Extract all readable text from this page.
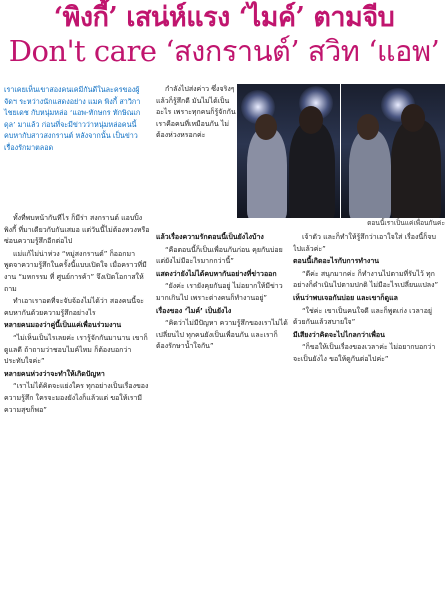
‘พิงกี้’ เสน่ห์แรง ‘ไมค์’ ตามจีบ
Don't care ‘สงกรานต์’ สวิท ‘แอพ’
เราเคยเห็นเขาสองคนเคมีกันดีในละครของผู้จัดฯ ระหว่างนักแสดงอย่าง แมค พิงกี้ สาวิกา ไชยเดช กับหนุ่มหล่อ ‘แอพ-ทักษกร ทักษิณเกดุล’ มาแล้ว ก่อนที่จะมีข่าวว่าหนุ่มหล่อคนนี้คบหากับสาวสงกรานต์ หลังจากนั้น เป็นข่าวเรื่องรักมาตลอด

ทั้งที่พบหน้ากันทีไร ก็มีร่า สงกรานต์ แอบปิ้ง พิงกี้ ที่มาเดียวกับกันเสมอ แต่วันนี้ไม่ต้องหวงหรือซ่อนความรู้สึกอีกต่อไป

แม่แก้ไม่น่าห่วง “หมู่สงกรานต์” ก็ออกมาพูดจาความรู้สึกในครั้งนี้แบบเปิดใจ เมื่อคราวที่มีงาน “มหกรรม ที่ ศูนย์การค้า” จึงเปิดโอกาสให้ถาม

ทำเอาเราอดที่จะจับจ้องไม่ได้ว่า สองคนนี้จะคบหากันด้วยความรู้สึกอย่างไร

หลายคนมองว่าคู่นี้เป็นแค่เพื่อนร่วมงาน

“ไม่เห็นเป็นไรเลยค่ะ เรารู้จักกันมานาน เขาก็ดูแลดี ถ้าถามว่าชอบไมค์ไหม ก็ต้องบอกว่าประทับใจค่ะ”

หลายคนห่วงว่าจะทำให้เกิดปัญหา

“เราไม่ได้คิดจะแย่งใคร ทุกอย่างเป็นเรื่องของความรู้สึก ใครจะมองยังไงก็แล้วแต่ ขอให้เรามีความสุขก็พอ”

กำลังไปส่งค่าว ซึ่งจริงๆ แล้วก็รู้สึกดี มันไม่ได้เป็นอะไร เพราะทุกคนก็รู้จักกัน เราคือคนที่เหมือนกัน ไม่ต้องห่วงหรอกค่ะ

ตอนนี้เราเป็นแค่เพื่อนกันค่ะ

แล้วเรื่องความรักตอนนี้เป็นยังไงบ้าง

“คือตอนนี้ก็เป็นเพื่อนกันก่อน คุยกันบ่อย แต่ยังไม่มีอะไรมากกว่านี้”

แสดงว่ายังไม่ได้คบหากันอย่างที่ข่าวออก

“ยังค่ะ เรายังคุยกันอยู่ ไม่อยากให้มีข่าวมากเกินไป เพราะต่างคนก็ทำงานอยู่”

เรื่องของ ‘ไมค์’ เป็นยังไง

“คิดว่าไม่มีปัญหา ความรู้สึกของเราไม่ได้เปลี่ยนไป ทุกคนยังเป็นเพื่อนกัน และเราก็ต้องรักษาน้ำใจกัน”

เจ้าตัว และก็ทำให้รู้สึกว่าเอาใจใส่ เรื่องนี้ก็จบไปแล้วค่ะ”

ตอนนี้เกิดอะไรกับการทำงาน

“ดีค่ะ สนุกมากค่ะ ก็ทำงานไปตามที่รับไว้ ทุกอย่างก็ดำเนินไปตามปกติ ไม่มีอะไรเปลี่ยนแปลง”

เห็นว่าพบเจอกันบ่อย และเขาก็ดูแล

“ใช่ค่ะ เขาเป็นคนใจดี และก็พูดเก่ง เวลาอยู่ด้วยกันแล้วสบายใจ”

มีเสียงว่าคิดจะไปไกลกว่าเพื่อน

“ก็ขอให้เป็นเรื่องของเวลาค่ะ ไม่อยากบอกว่าจะเป็นยังไง ขอให้ดูกันต่อไปค่ะ”
